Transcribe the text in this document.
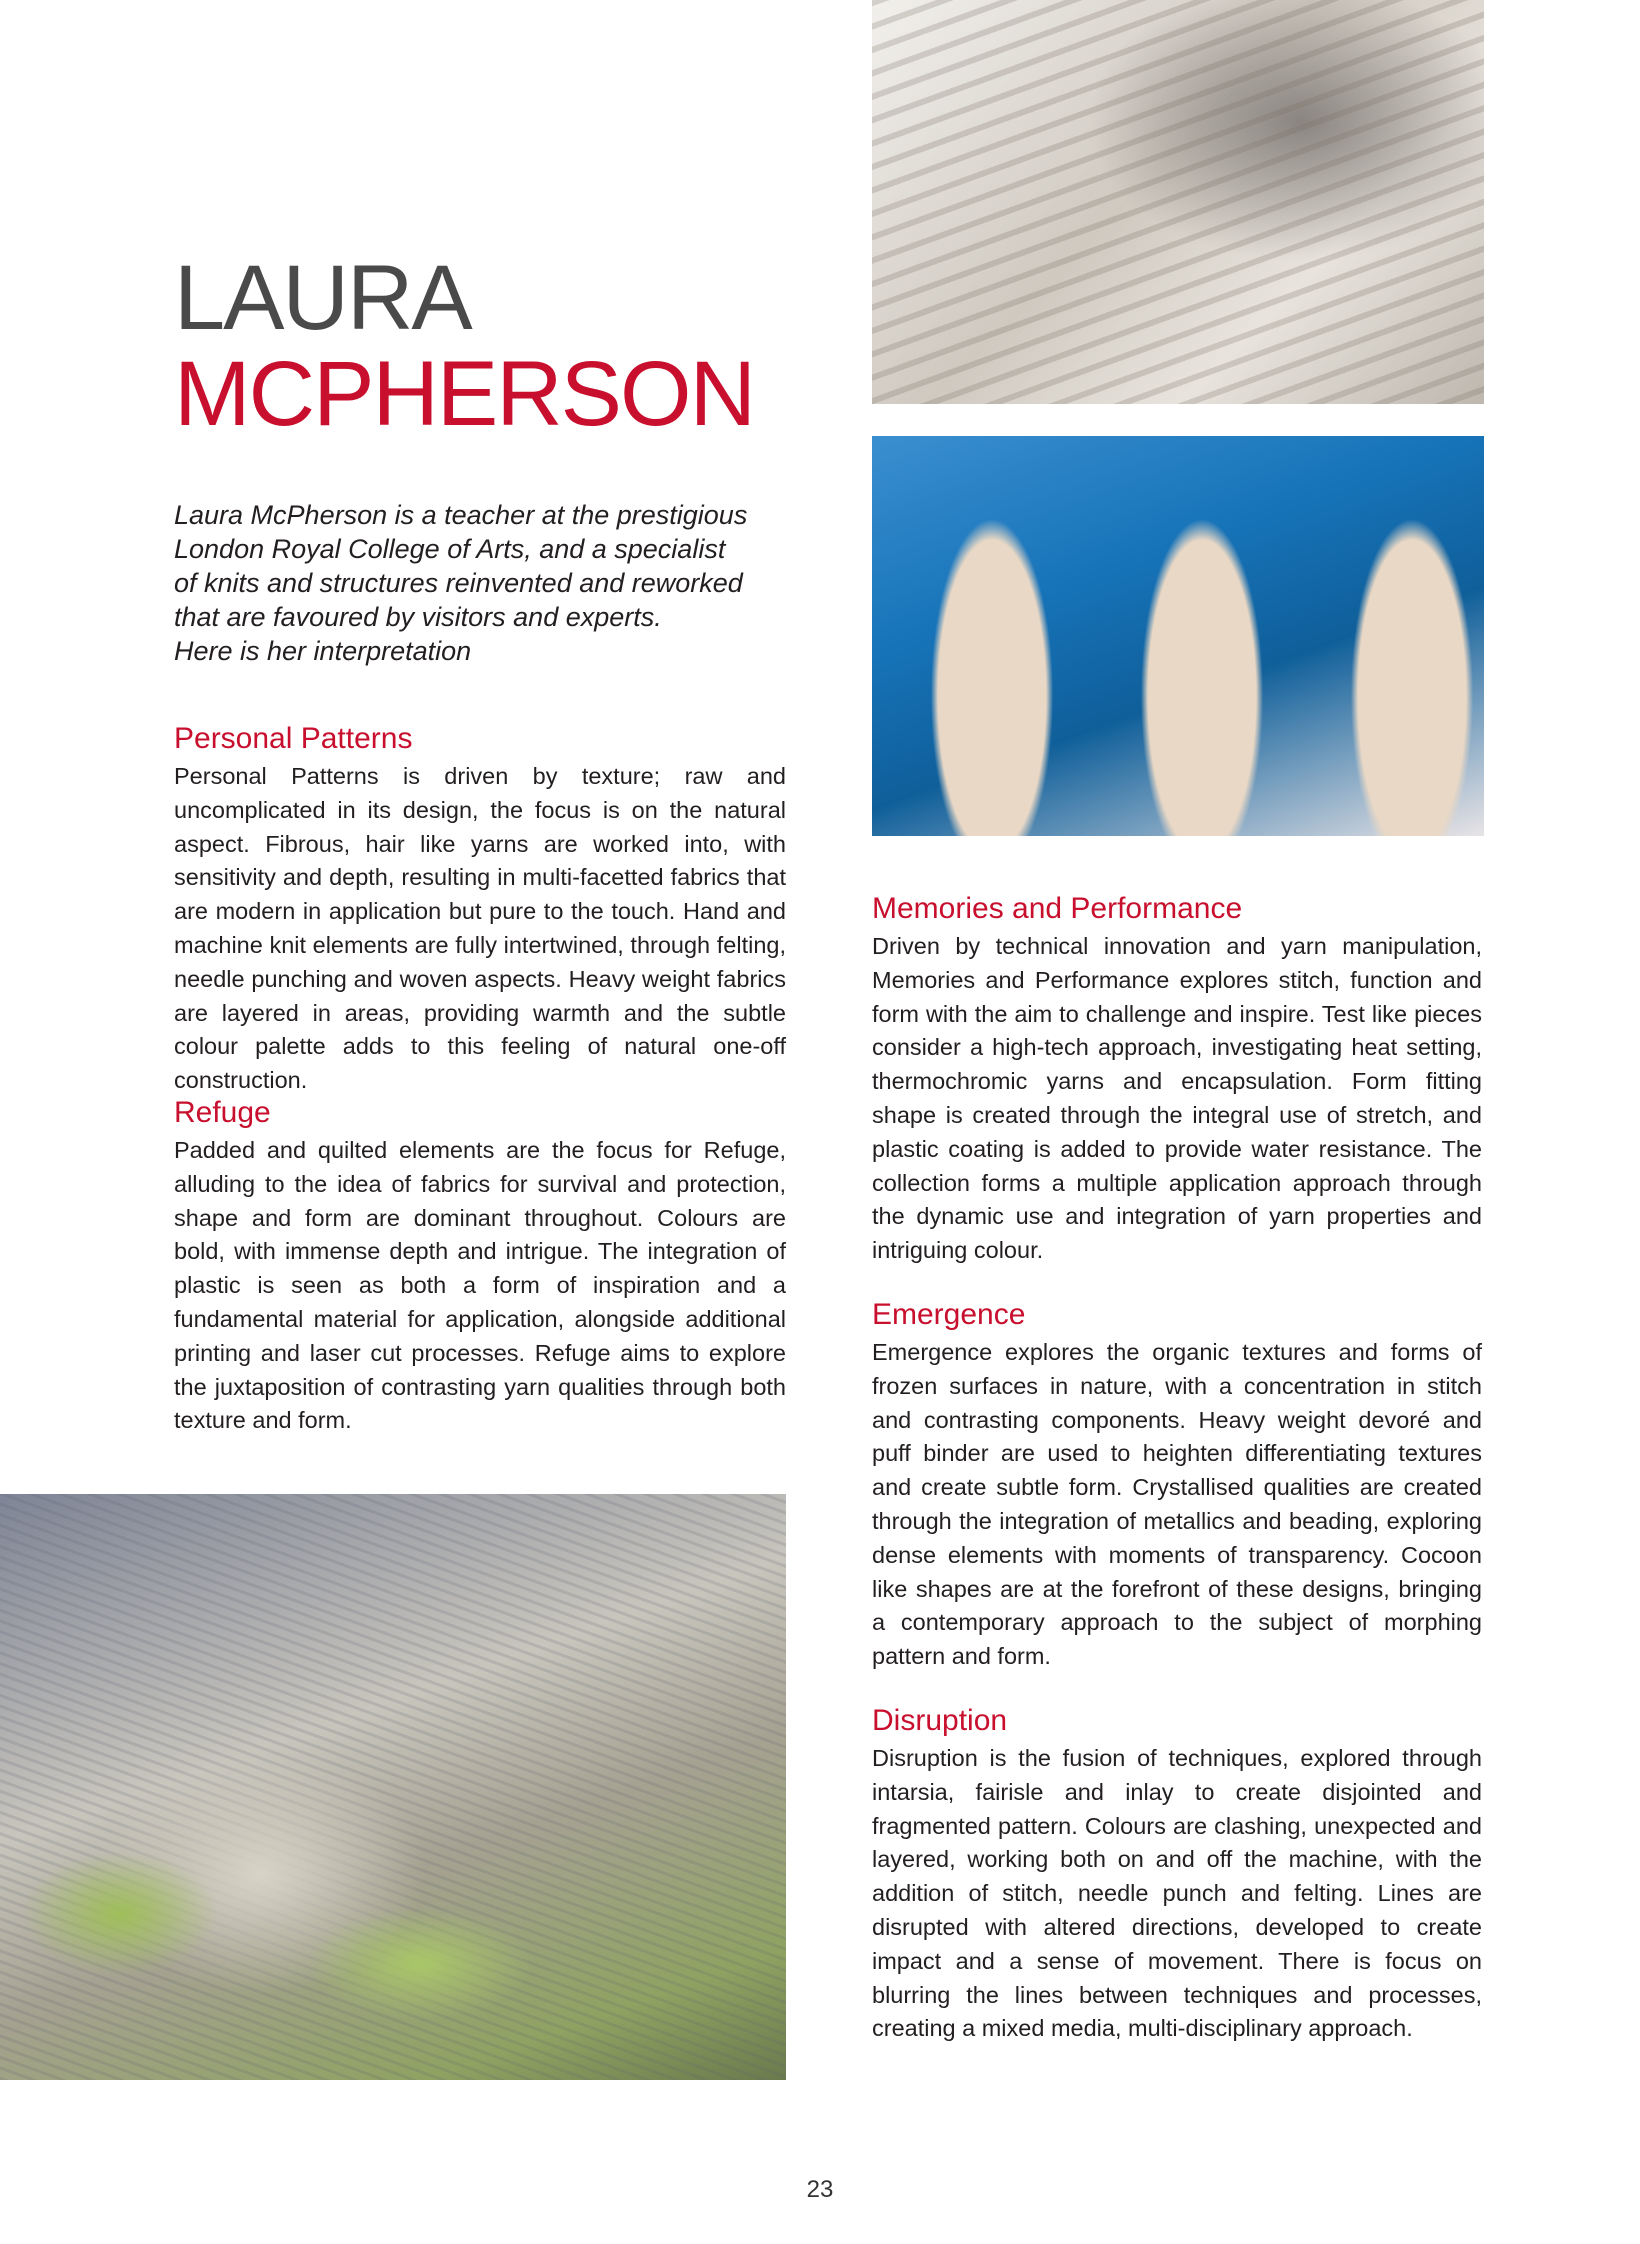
LAURA
MCPHERSON
Laura McPherson is a teacher at the prestigious
London Royal College of Arts, and a specialist
of knits and structures reinvented and reworked
that are favoured by visitors and experts.
Here is her interpretation
Personal Patterns

Personal Patterns is driven by texture; raw and uncomplicated in its design, the focus is on the natural aspect. Fibrous, hair like yarns are worked into, with sensitivity and depth, resulting in multi-facetted fabrics that are modern in application but pure to the touch. Hand and machine knit elements are fully intertwined, through felting, needle punching and woven aspects. Heavy weight fabrics are layered in areas, providing warmth and the subtle colour palette adds to this feeling of natural one-off construction.

Refuge

Padded and quilted elements are the focus for Refuge, alluding to the idea of fabrics for survival and protection, shape and form are dominant throughout. Colours are bold, with immense depth and intrigue. The integration of plastic is seen as both a form of inspiration and a fundamental material for application, alongside additional printing and laser cut processes. Refuge aims to explore the juxtaposition of contrasting yarn qualities through both texture and form.

Memories and Performance

Driven by technical innovation and yarn manipulation, Memories and Performance explores stitch, function and form with the aim to challenge and inspire. Test like pieces consider a high-tech approach, investigating heat setting, thermochromic yarns and encapsulation. Form fitting shape is created through the integral use of stretch, and plastic coating is added to provide water resistance. The collection forms a multiple application approach through the dynamic use and integration of yarn properties and intriguing colour.

Emergence

Emergence explores the organic textures and forms of frozen surfaces in nature, with a concentration in stitch and contrasting components. Heavy weight devoré and puff binder are used to heighten differentiating textures and create subtle form. Crystallised qualities are created through the integration of metallics and beading, exploring dense elements with moments of transparency. Cocoon like shapes are at the forefront of these designs, bringing a contemporary approach to the subject of morphing pattern and form.

Disruption

Disruption is the fusion of techniques, explored through intarsia, fairisle and inlay to create disjointed and fragmented pattern. Colours are clashing, unexpected and layered, working both on and off the machine, with the addition of stitch, needle punch and felting. Lines are disrupted with altered directions, developed to create impact and a sense of movement. There is focus on blurring the lines between techniques and processes, creating a mixed media, multi-disciplinary approach.

23
